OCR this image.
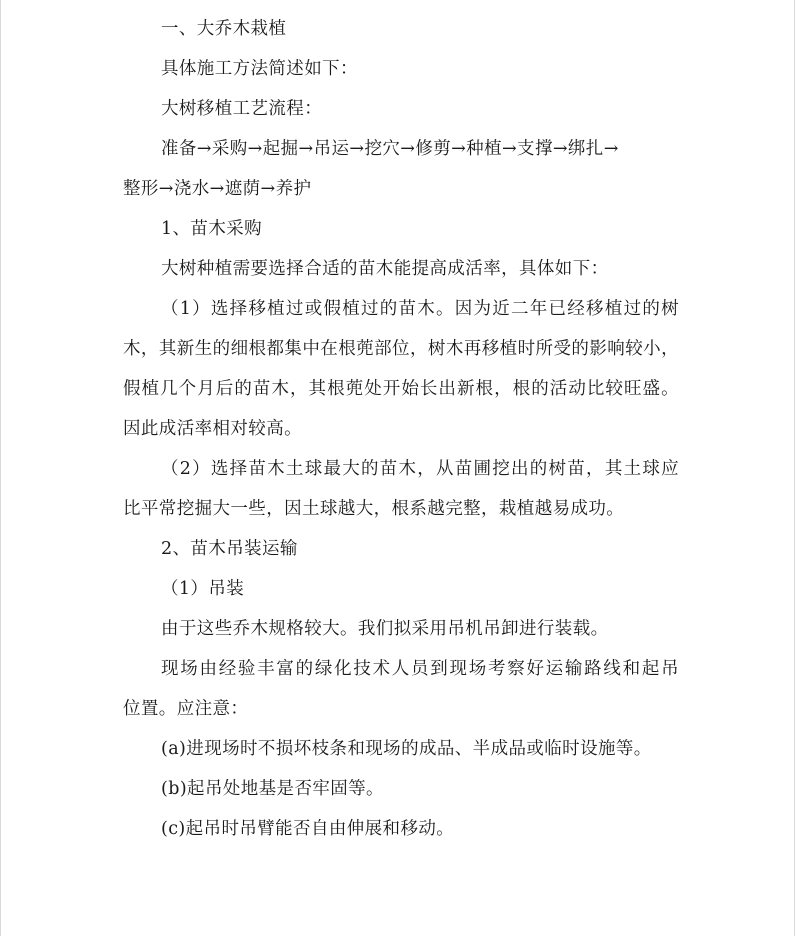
一、大乔木栽植
具体施工方法简述如下：
大树移植工艺流程：
准备→采购→起掘→吊运→挖穴→修剪→种植→支撑→绑扎→
整形→浇水→遮荫→养护
1、苗木采购
大树种植需要选择合适的苗木能提高成活率，具体如下：
（1）选择移植过或假植过的苗木。因为近二年已经移植过的树
木，其新生的细根都集中在根蔸部位，树木再移植时所受的影响较小，
假植几个月后的苗木，其根蔸处开始长出新根，根的活动比较旺盛。
因此成活率相对较高。
（2）选择苗木土球最大的苗木，从苗圃挖出的树苗，其土球应
比平常挖掘大一些，因土球越大，根系越完整，栽植越易成功。
2、苗木吊装运输
（1）吊装
由于这些乔木规格较大。我们拟采用吊机吊卸进行装载。
现场由经验丰富的绿化技术人员到现场考察好运输路线和起吊
位置。应注意：
(a)进现场时不损坏枝条和现场的成品、半成品或临时设施等。
(b)起吊处地基是否牢固等。
(c)起吊时吊臂能否自由伸展和移动。
